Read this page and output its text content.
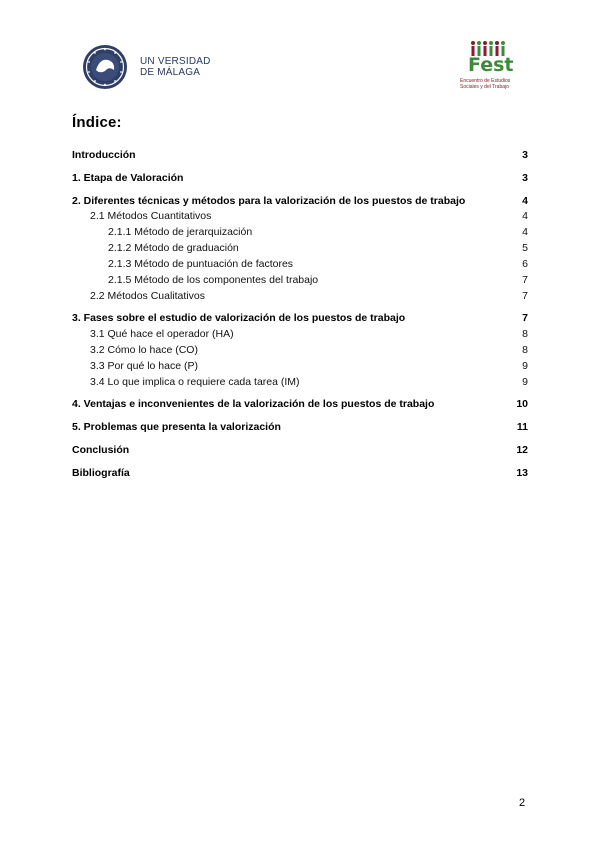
UN VERSIDAD
DE MÁLAGA	Fest
Encuentro de Estudios
Sociales y del Trabajo
Índice:
Introducción	3
1. Etapa de Valoración	3
2. Diferentes técnicas y métodos para la valorización de los puestos de trabajo	4
2.1 Métodos Cuantitativos	4
2.1.1 Método de jerarquización	4
2.1.2 Método de graduación	5
2.1.3 Método de puntuación de factores	6
2.1.5 Método de los componentes del trabajo	7
2.2 Métodos Cualitativos	7
3. Fases sobre el estudio de valorización de los puestos de trabajo	7
3.1 Qué hace el operador (HA)	8
3.2 Cómo lo hace (CO)	8
3.3 Por qué lo hace (P)	9
3.4 Lo que implica o requiere cada tarea (IM)	9
4. Ventajas e inconvenientes de la valorización de los puestos de trabajo	10
5. Problemas que presenta la valorización	11
Conclusión	12
Bibliografía	13
2
